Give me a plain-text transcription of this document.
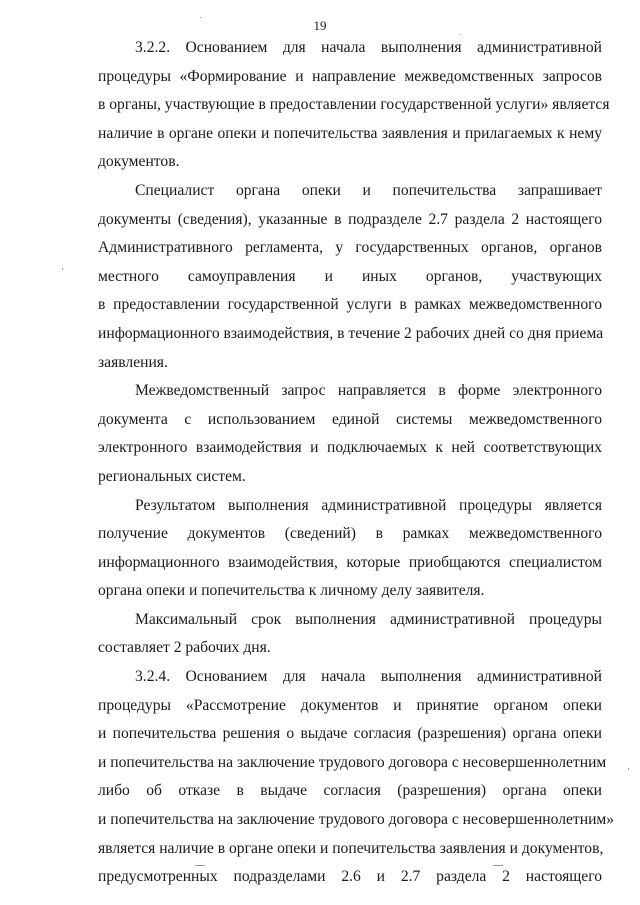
19
3.2.2. Основанием для начала выполнения административной
процедуры «Формирование и направление межведомственных запросов
в органы, участвующие в предоставлении государственной услуги» является
наличие в органе опеки и попечительства заявления и прилагаемых к нему
документов.
Специалист органа опеки и попечительства запрашивает
документы (сведения), указанные в подразделе 2.7 раздела 2 настоящего
Административного регламента, у государственных органов, органов
местного самоуправления и иных органов, участвующих
в предоставлении государственной услуги в рамках межведомственного
информационного взаимодействия, в течение 2 рабочих дней со дня приема
заявления.
Межведомственный запрос направляется в форме электронного
документа с использованием единой системы межведомственного
электронного взаимодействия и подключаемых к ней соответствующих
региональных систем.
Результатом выполнения административной процедуры является
получение документов (сведений) в рамках межведомственного
информационного взаимодействия, которые приобщаются специалистом
органа опеки и попечительства к личному делу заявителя.
Максимальный срок выполнения административной процедуры
составляет 2 рабочих дня.
3.2.4. Основанием для начала выполнения административной
процедуры «Рассмотрение документов и принятие органом опеки
и попечительства решения о выдаче согласия (разрешения) органа опеки
и попечительства на заключение трудового договора с несовершеннолетним
либо об отказе в выдаче согласия (разрешения) органа опеки
и попечительства на заключение трудового договора с несовершеннолетним»
является наличие в органе опеки и попечительства заявления и документов,
предусмотренных подразделами 2.6 и 2.7 раздела 2 настоящего
